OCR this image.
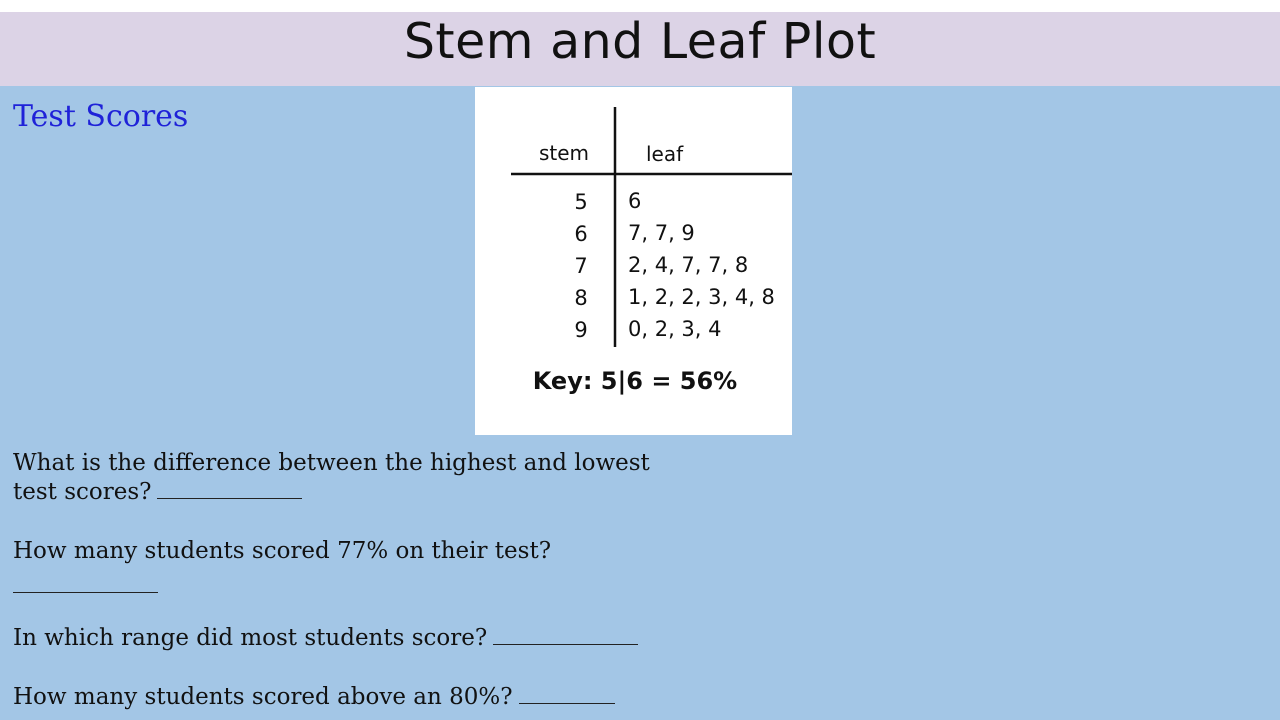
Stem and Leaf Plot
Test Scores
stem	leaf
5 6
6 7, 7, 9
7 2, 4, 7, 7, 8
8 1, 2, 2, 3, 4, 8
9 0, 2, 3, 4
Key: 5|6 = 56%
What is the difference between the highest and lowest
test scores?
How many students scored 77% on their test?
In which range did most students score?
How many students scored above an 80%?
